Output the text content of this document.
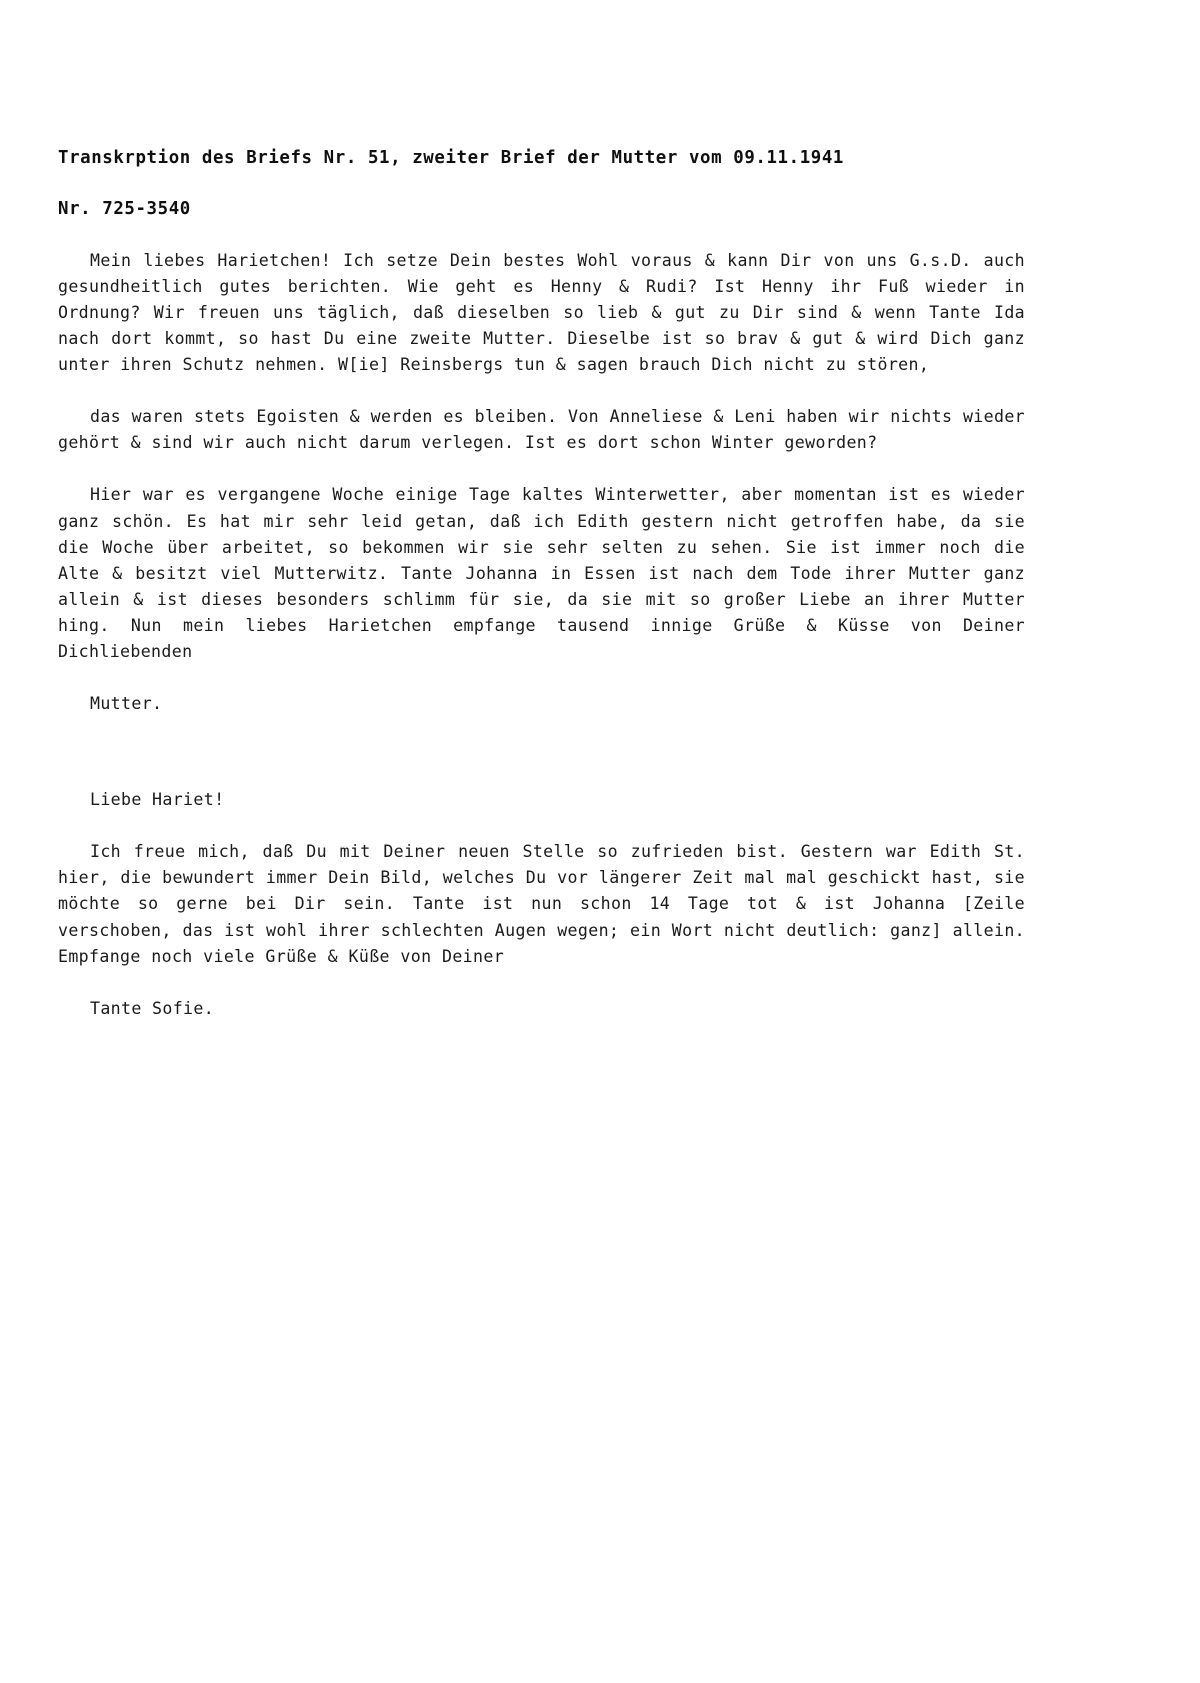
Transkrption des Briefs Nr. 51, zweiter Brief der Mutter vom 09.11.1941
Nr. 725-3540

Mein liebes Harietchen! Ich setze Dein bestes Wohl voraus & kann Dir von uns G.s.D. auch gesundheitlich gutes berichten. Wie geht es Henny & Rudi? Ist Henny ihr Fuß wieder in Ordnung? Wir freuen uns täglich, daß dieselben so lieb & gut zu Dir sind & wenn Tante Ida nach dort kommt, so hast Du eine zweite Mutter. Dieselbe ist so brav & gut & wird Dich ganz unter ihren Schutz nehmen. W[ie] Reinsbergs tun & sagen brauch Dich nicht zu stören,

das waren stets Egoisten & werden es bleiben. Von Anneliese & Leni haben wir nichts wieder gehört & sind wir auch nicht darum verlegen. Ist es dort schon Winter geworden?

Hier war es vergangene Woche einige Tage kaltes Winterwetter, aber momentan ist es wieder ganz schön. Es hat mir sehr leid getan, daß ich Edith gestern nicht getroffen habe, da sie die Woche über arbeitet, so bekommen wir sie sehr selten zu sehen. Sie ist immer noch die Alte & besitzt viel Mutterwitz. Tante Johanna in Essen ist nach dem Tode ihrer Mutter ganz allein & ist dieses besonders schlimm für sie, da sie mit so großer Liebe an ihrer Mutter hing. Nun mein liebes Harietchen empfange tausend innige Grüße & Küsse von Deiner Dichliebenden

Mutter.

Liebe Hariet!

Ich freue mich, daß Du mit Deiner neuen Stelle so zufrieden bist. Gestern war Edith St. hier, die bewundert immer Dein Bild, welches Du vor längerer Zeit mal mal geschickt hast, sie möchte so gerne bei Dir sein. Tante ist nun schon 14 Tage tot & ist Johanna [Zeile verschoben, das ist wohl ihrer schlechten Augen wegen; ein Wort nicht deutlich: ganz] allein. Empfange noch viele Grüße & Küße von Deiner

Tante Sofie.
